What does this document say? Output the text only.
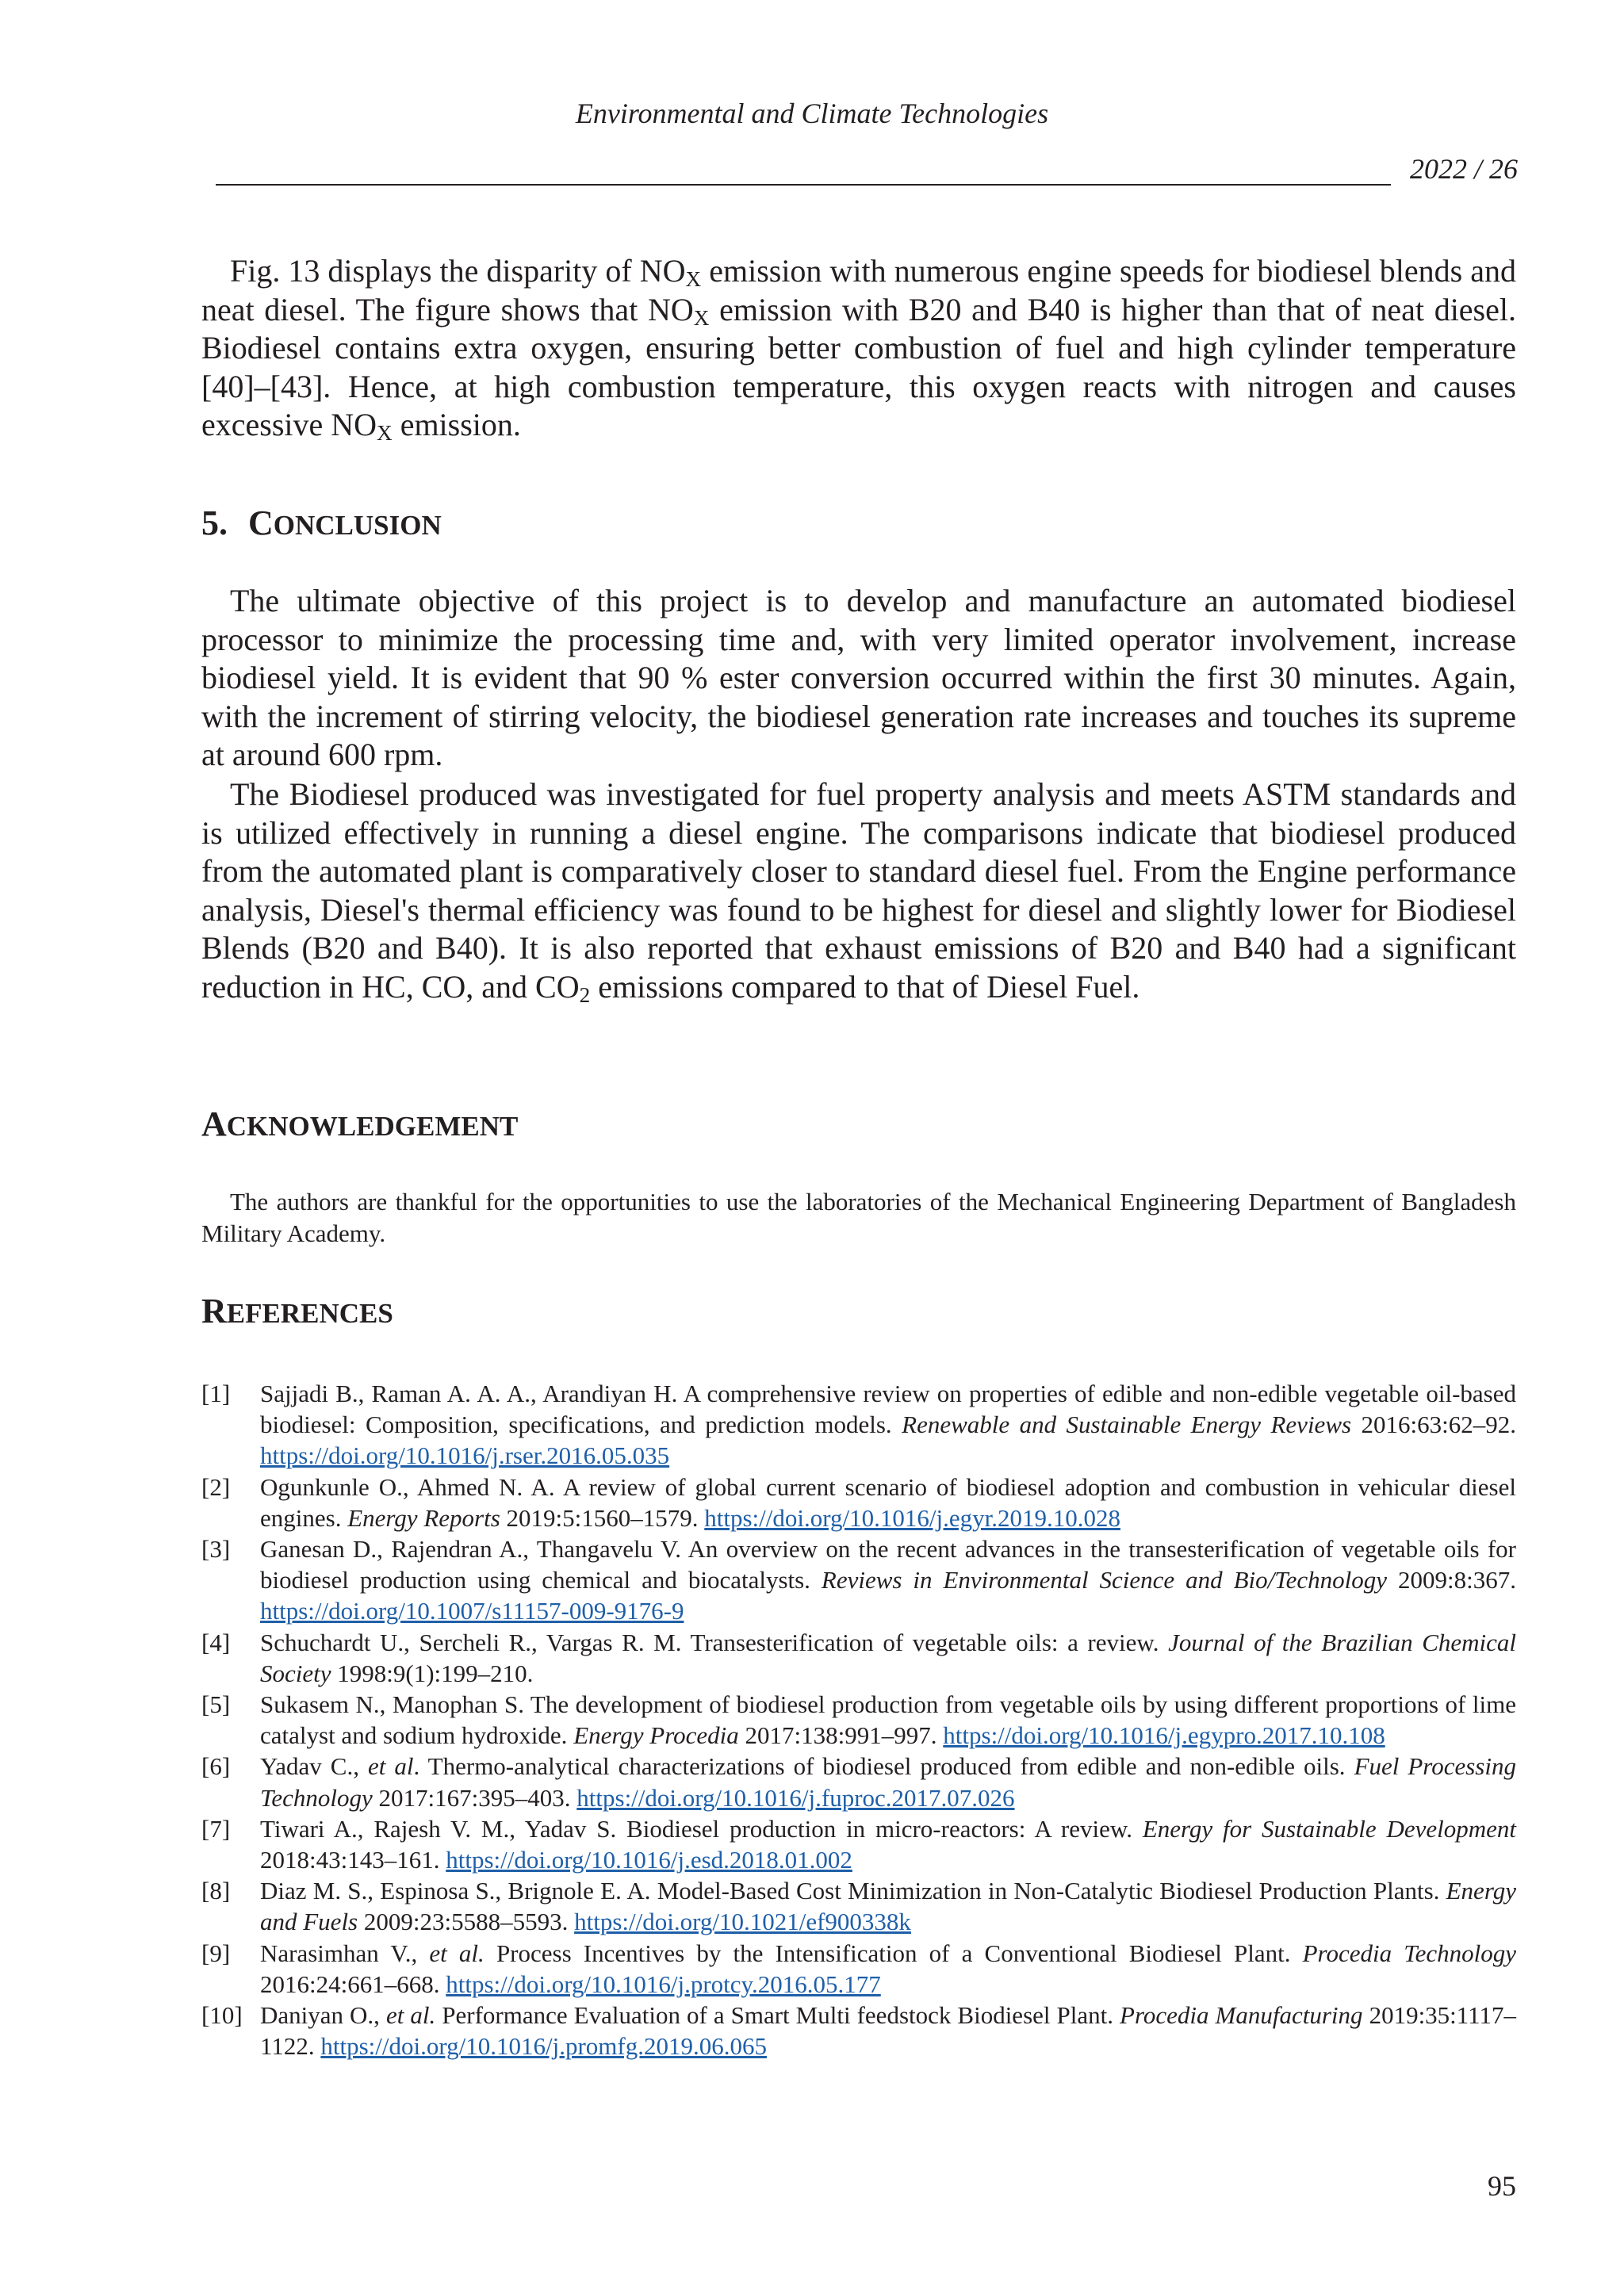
Environmental and Climate Technologies
2022 / 26

Fig. 13 displays the disparity of $NO_X$ emission with numerous engine speeds for biodiesel blends and neat diesel. The figure shows that $NO_X$ emission with B20 and B40 is higher than that of neat diesel. Biodiesel contains extra oxygen, ensuring better combustion of fuel and high cylinder temperature [40]–[43]. Hence, at high combustion temperature, this oxygen reacts with nitrogen and causes excessive $NO_X$ emission.

5. CONCLUSION

The ultimate objective of this project is to develop and manufacture an automated biodiesel processor to minimize the processing time and, with very limited operator involvement, increase biodiesel yield. It is evident that 90 % ester conversion occurred within the first 30 minutes. Again, with the increment of stirring velocity, the biodiesel generation rate increases and touches its supreme at around 600 rpm.

The Biodiesel produced was investigated for fuel property analysis and meets ASTM standards and is utilized effectively in running a diesel engine. The comparisons indicate that biodiesel produced from the automated plant is comparatively closer to standard diesel fuel. From the Engine performance analysis, Diesel's thermal efficiency was found to be highest for diesel and slightly lower for Biodiesel Blends (B20 and B40). It is also reported that exhaust emissions of B20 and B40 had a significant reduction in HC, CO, and $CO_2$ emissions compared to that of Diesel Fuel.

ACKNOWLEDGEMENT

The authors are thankful for the opportunities to use the laboratories of the Mechanical Engineering Department of Bangladesh Military Academy.

REFERENCES
[1] Sajjadi B., Raman A. A. A., Arandiyan H. A comprehensive review on properties of edible and non-edible vegetable oil-based biodiesel: Composition, specifications, and prediction models. Renewable and Sustainable Energy Reviews 2016:63:62–92. https://doi.org/10.1016/j.rser.2016.05.035
[2] Ogunkunle O., Ahmed N. A. A review of global current scenario of biodiesel adoption and combustion in vehicular diesel engines. Energy Reports 2019:5:1560–1579. https://doi.org/10.1016/j.egyr.2019.10.028
[3] Ganesan D., Rajendran A., Thangavelu V. An overview on the recent advances in the transesterification of vegetable oils for biodiesel production using chemical and biocatalysts. Reviews in Environmental Science and Bio/Technology 2009:8:367. https://doi.org/10.1007/s11157-009-9176-9
[4] Schuchardt U., Sercheli R., Vargas R. M. Transesterification of vegetable oils: a review. Journal of the Brazilian Chemical Society 1998:9(1):199–210.
[5] Sukasem N., Manophan S. The development of biodiesel production from vegetable oils by using different proportions of lime catalyst and sodium hydroxide. Energy Procedia 2017:138:991–997. https://doi.org/10.1016/j.egypro.2017.10.108
[6] Yadav C., et al. Thermo-analytical characterizations of biodiesel produced from edible and non-edible oils. Fuel Processing Technology 2017:167:395–403. https://doi.org/10.1016/j.fuproc.2017.07.026
[7] Tiwari A., Rajesh V. M., Yadav S. Biodiesel production in micro-reactors: A review. Energy for Sustainable Development 2018:43:143–161. https://doi.org/10.1016/j.esd.2018.01.002
[8] Diaz M. S., Espinosa S., Brignole E. A. Model-Based Cost Minimization in Non-Catalytic Biodiesel Production Plants. Energy and Fuels 2009:23:5588–5593. https://doi.org/10.1021/ef900338k
[9] Narasimhan V., et al. Process Incentives by the Intensification of a Conventional Biodiesel Plant. Procedia Technology 2016:24:661–668. https://doi.org/10.1016/j.protcy.2016.05.177
[10] Daniyan O., et al. Performance Evaluation of a Smart Multi feedstock Biodiesel Plant. Procedia Manufacturing 2019:35:1117–1122. https://doi.org/10.1016/j.promfg.2019.06.065
95
